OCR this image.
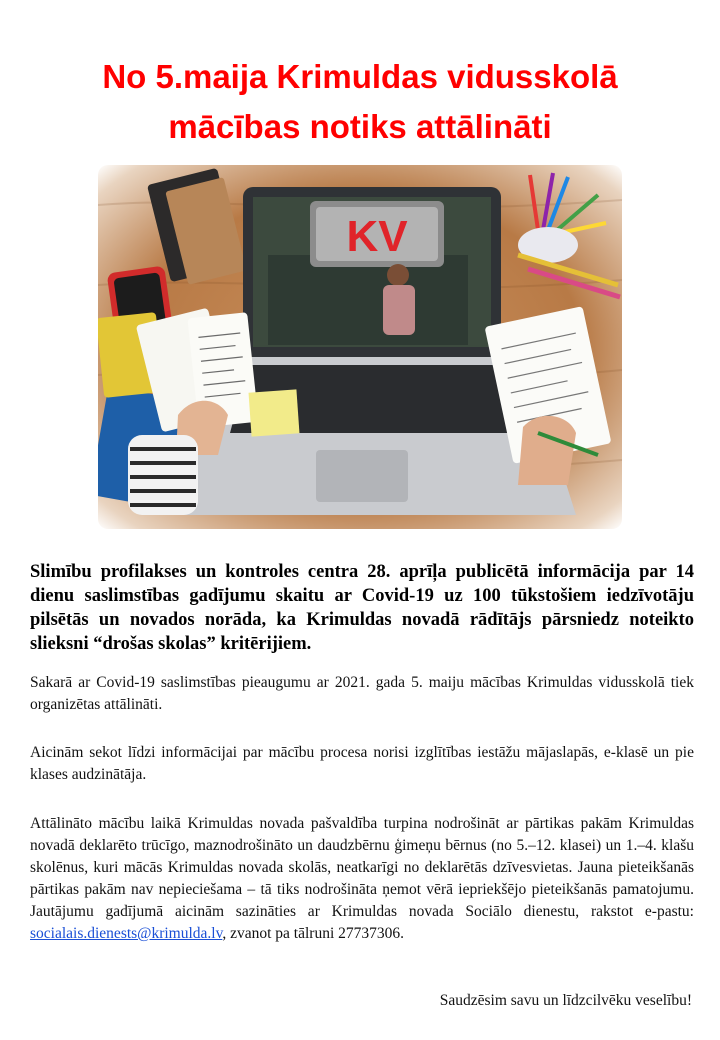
No 5.maija Krimuldas vidusskolā
mācības notiks attālināti
KV

Slimību profilakses un kontroles centra 28. aprīļa publicētā informācija par 14 dienu saslimstības gadījumu skaitu ar Covid-19 uz 100 tūkstošiem iedzīvotāju pilsētās un novados norāda, ka Krimuldas novadā rādītājs pārsniedz noteikto slieksni “drošas skolas” kritērijiem.

Sakarā ar Covid-19 saslimstības pieaugumu ar 2021. gada 5. maiju mācības Krimuldas vidusskolā tiek organizētas attālināti.

Aicinām sekot līdzi informācijai par mācību procesa norisi izglītības iestāžu mājaslapās, e-klasē un pie klases audzinātāja.

Attālināto mācību laikā Krimuldas novada pašvaldība turpina nodrošināt ar pārtikas pakām Krimuldas novadā deklarēto trūcīgo, maznodrošināto un daudzbērnu ģimeņu bērnus (no 5.–12. klasei) un 1.–4. klašu skolēnus, kuri mācās Krimuldas novada skolās, neatkarīgi no deklarētās dzīvesvietas. Jauna pieteikšanās pārtikas pakām nav nepieciešama – tā tiks nodrošināta ņemot vērā iepriekšējo pieteikšanās pamatojumu. Jautājumu gadījumā aicinām sazināties ar Krimuldas novada Sociālo dienestu, rakstot e-pastu: socialais.dienests@krimulda.lv, zvanot pa tālruni 27737306.

Saudzēsim savu un līdzcilvēku veselību!
